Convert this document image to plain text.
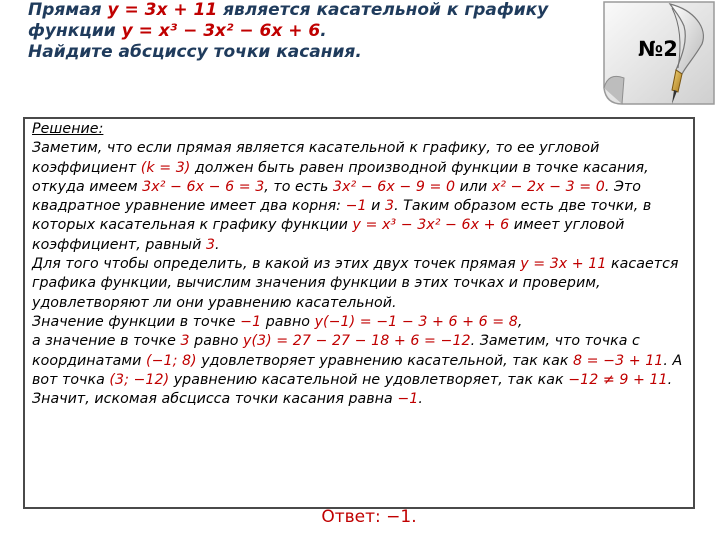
Прямая y = 3x + 11 является касательной к графику
функции y = x³ − 3x² − 6x + 6.
Найдите абсциссу точки касания.	№2
Решение:
Заметим, что если прямая является касательной к графику, то ее угловой коэффициент (k = 3) должен быть равен производной функции в точке касания, откуда имеем 3x² − 6x − 6 = 3, то есть 3x² − 6x − 9 = 0 или x² − 2x − 3 = 0. Это квадратное уравнение имеет два корня: −1 и 3. Таким образом есть две точки, в которых касательная к графику функции y = x³ − 3x² − 6x + 6 имеет угловой коэффициент, равный 3.
Для того чтобы определить, в какой из этих двух точек прямая y = 3x + 11 касается графика функции, вычислим значения функции в этих точках и проверим, удовлетворяют ли они уравнению касательной.
Значение функции в точке −1 равно y(−1) = −1 − 3 + 6 + 6 = 8,
а значение в точке 3 равно y(3) = 27 − 27 − 18 + 6 = −12. Заметим, что точка с координатами (−1; 8) удовлетворяет уравнению касательной, так как 8 = −3 + 11. А вот точка (3; −12) уравнению касательной не удовлетворяет, так как −12 ≠ 9 + 11.
Значит, искомая абсцисса точки касания равна −1.
Ответ: −1.
